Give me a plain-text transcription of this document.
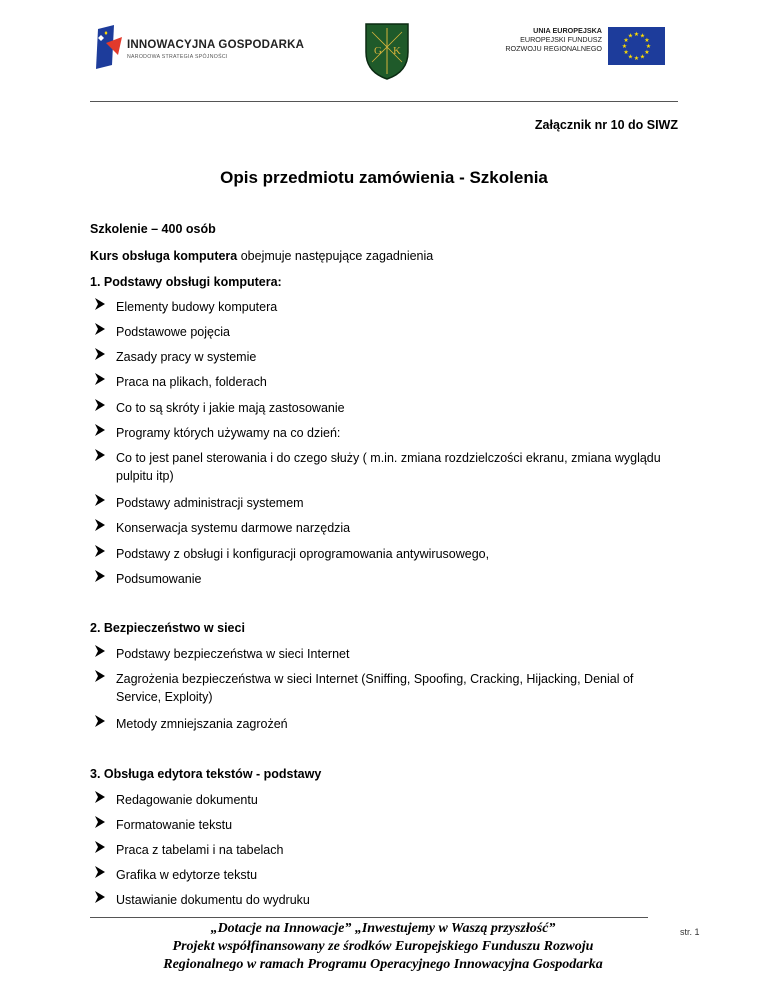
INNOWACYJNA GOSPODARKA
NARODOWA STRATEGIA SPÓJNOŚCI	G K
UNIA EUROPEJSKA
EUROPEJSKI FUNDUSZ
ROZWOJU REGIONALNEGO	★
★
★
★
★
★
★
★
★ ★ ★
★
Załącznik nr 10 do SIWZ
Opis przedmiotu zamówienia - Szkolenia
Szkolenie – 400 osób
Kurs obsługa komputera obejmuje następujące zagadnienia
1. Podstawy obsługi komputera:
Elementy budowy komputera
Podstawowe pojęcia
Zasady pracy w systemie
Praca na plikach, folderach
Co to są skróty i jakie mają zastosowanie
Programy których używamy na co dzień:
Co to jest panel sterowania i do czego służy ( m.in. zmiana rozdzielczości ekranu, zmiana wyglądu pulpitu itp)
Podstawy administracji systemem
Konserwacja systemu darmowe narzędzia
Podstawy z obsługi i konfiguracji oprogramowania antywirusowego,
Podsumowanie
2. Bezpieczeństwo w sieci
Podstawy bezpieczeństwa w sieci Internet
Zagrożenia bezpieczeństwa w sieci Internet (Sniffing, Spoofing, Cracking, Hijacking, Denial of Service, Exploity)
Metody zmniejszania zagrożeń
3. Obsługa edytora tekstów - podstawy
Redagowanie dokumentu
Formatowanie tekstu
Praca z tabelami i na tabelach
Grafika w edytorze tekstu
Ustawianie dokumentu do wydruku
„Dotacje na Innowacje” „Inwestujemy w Waszą przyszłość”
Projekt współfinansowany ze środków Europejskiego Funduszu Rozwoju
Regionalnego w ramach Programu Operacyjnego Innowacyjna Gospodarka
str. 1
